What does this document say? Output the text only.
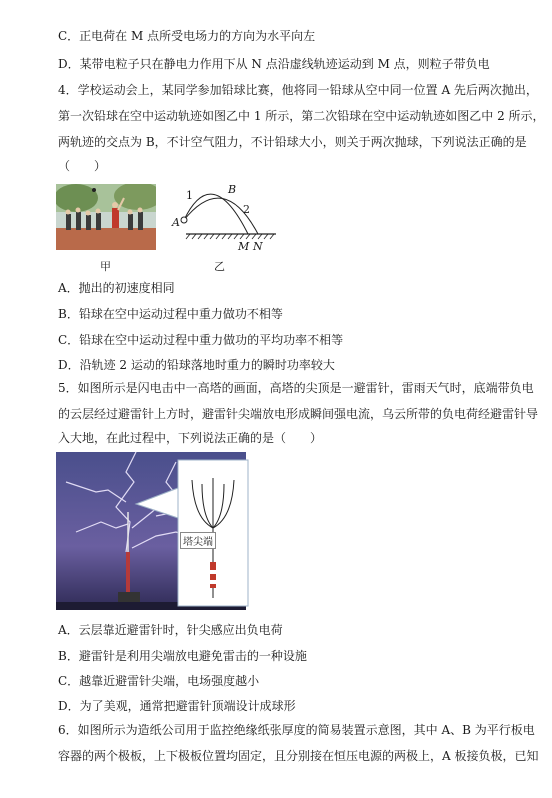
C．正电荷在 M 点所受电场力的方向为水平向左
D．某带电粒子只在静电力作用下从 N 点沿虚线轨迹运动到 M 点，则粒子带负电
4．学校运动会上，某同学参加铅球比赛，他将同一铅球从空中同一位置 A 先后两次抛出，
第一次铅球在空中运动轨迹如图乙中 1 所示，第二次铅球在空中运动轨迹如图乙中 2 所示，
两轨迹的交点为 B，不计空气阻力，不计铅球大小，则关于两次抛球，下列说法正确的是
（　　）
A
B
1
2
M N
甲	乙
A．抛出的初速度相同
B．铅球在空中运动过程中重力做功不相等
C．铅球在空中运动过程中重力做功的平均功率不相等
D．沿轨迹 2 运动的铅球落地时重力的瞬时功率较大
5．如图所示是闪电击中一高塔的画面，高塔的尖顶是一避雷针，雷雨天气时，底端带负电
的云层经过避雷针上方时，避雷针尖端放电形成瞬间强电流，乌云所带的负电荷经避雷针导
入大地，在此过程中，下列说法正确的是（　　）
塔尖端
A．云层靠近避雷针时，针尖感应出负电荷
B．避雷针是利用尖端放电避免雷击的一种设施
C．越靠近避雷针尖端，电场强度越小
D．为了美观，通常把避雷针顶端设计成球形
6．如图所示为造纸公司用于监控绝缘纸张厚度的简易装置示意图，其中 A、B 为平行板电
容器的两个极板，上下极板位置均固定，且分别接在恒压电源的两极上，A 板接负极，已知
